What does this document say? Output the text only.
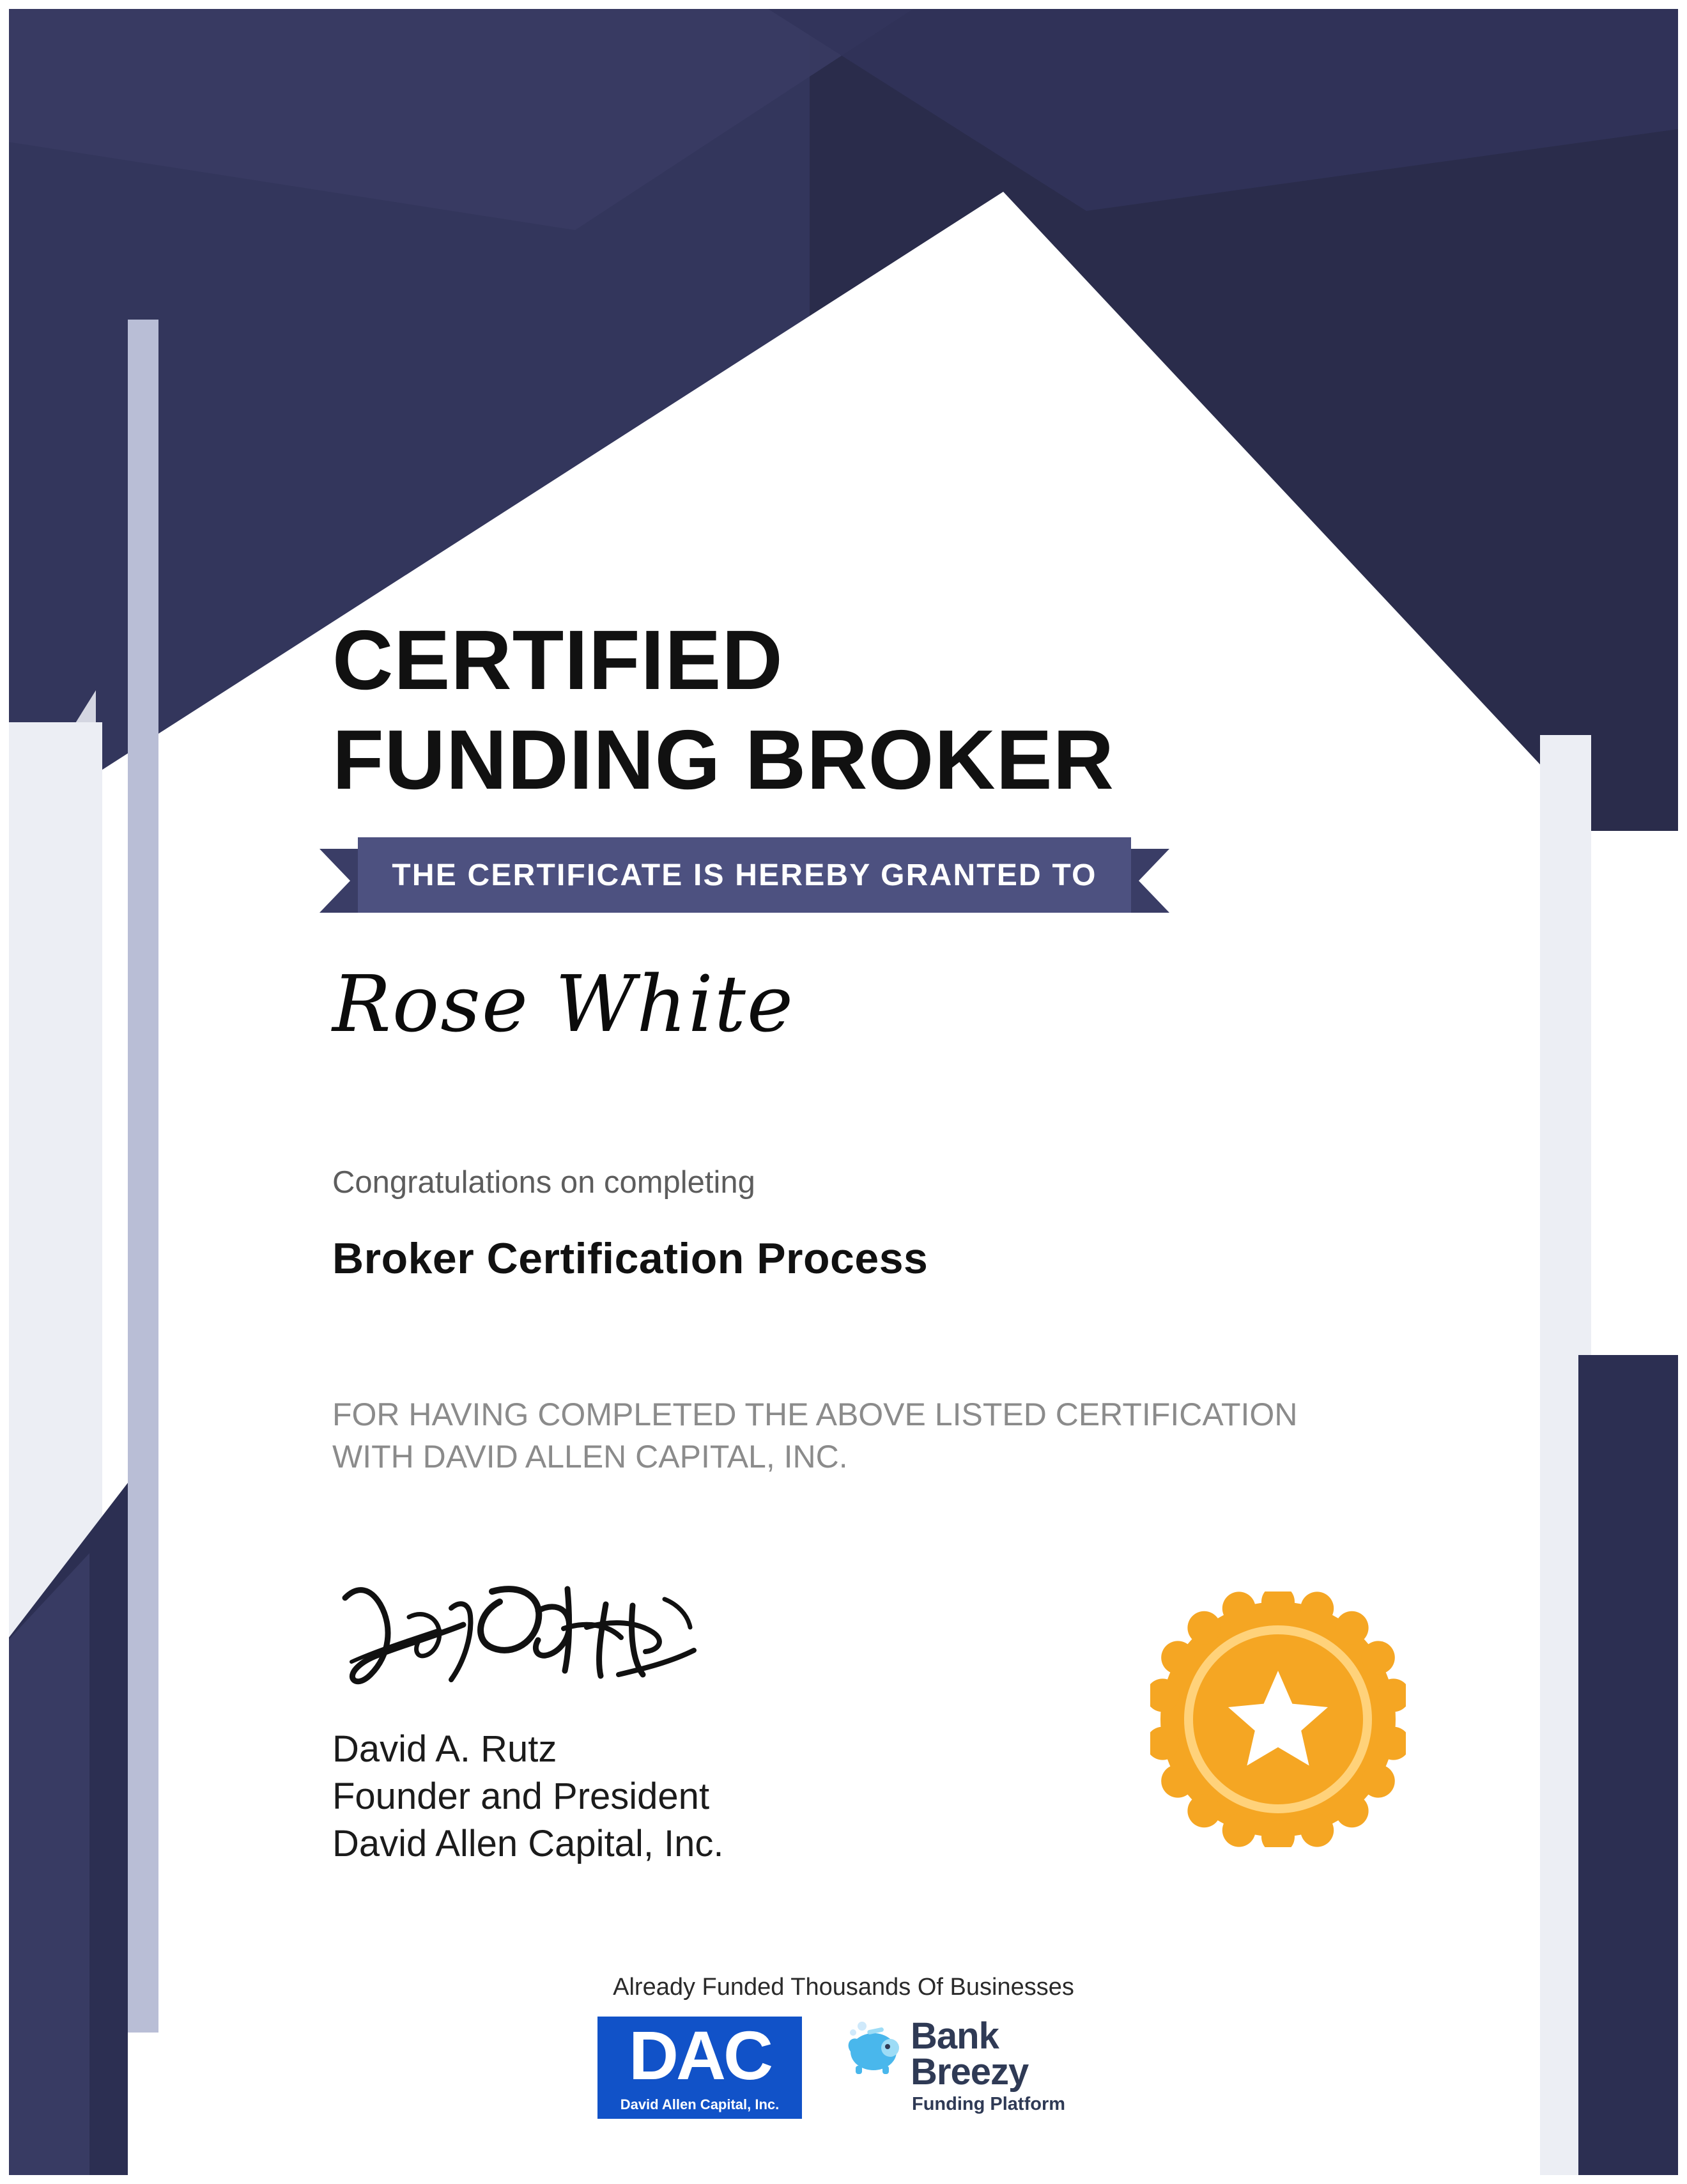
CERTIFIED
FUNDING BROKER
THE CERTIFICATE IS HEREBY GRANTED TO
Rose White
Congratulations on completing
Broker Certification Process
FOR HAVING COMPLETED THE ABOVE LISTED CERTIFICATION
WITH DAVID ALLEN CAPITAL, INC.
David A. Rutz
Founder and President
David Allen Capital, Inc.
Already Funded Thousands Of Businesses
DAC
David Allen Capital, Inc.
Bank
Breezy
Funding Platform
